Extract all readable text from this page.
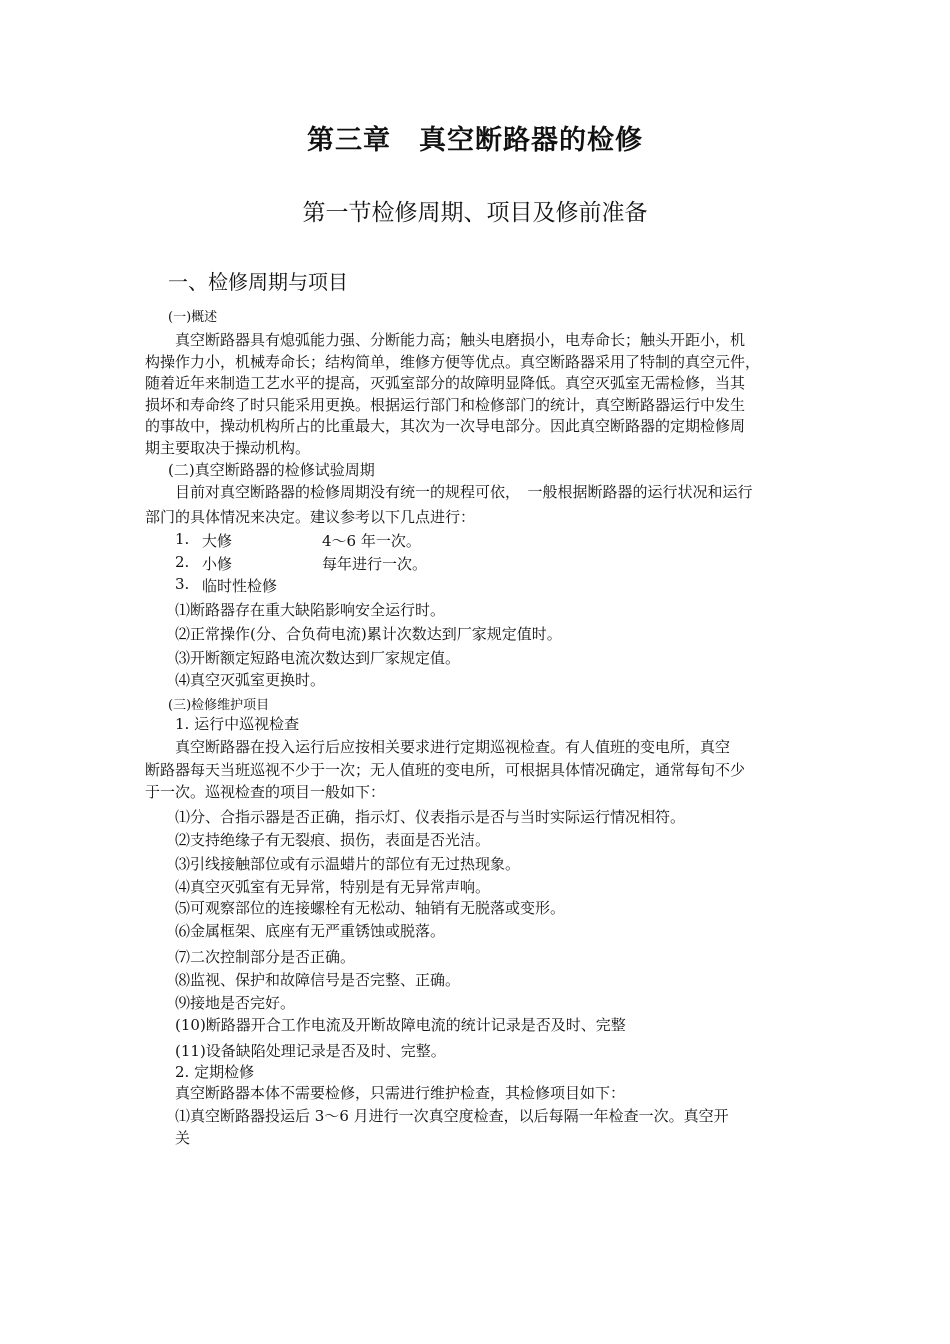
第三章　真空断路器的检修
第一节检修周期、项目及修前准备
一、检修周期与项目
(一)概述

真空断路器具有熄弧能力强、分断能力高；触头电磨损小，电寿命长；触头开距小，机

构操作力小，机械寿命长；结构简单，维修方便等优点。真空断路器采用了特制的真空元件，

随着近年来制造工艺水平的提高，灭弧室部分的故障明显降低。真空灭弧室无需检修，当其

损坏和寿命终了时只能采用更换。根据运行部门和检修部门的统计，真空断路器运行中发生

的事故中，操动机构所占的比重最大，其次为一次导电部分。因此真空断路器的定期检修周

期主要取决于操动机构。

(二)真空断路器的检修试验周期
目前对真空断路器的检修周期没有统一的规程可依，　一般根据断路器的运行状况和运行
部门的具体情况来决定。建议参考以下几点进行：
1. 大修	4～6 年一次。
2. 小修	每年进行一次。
3. 临时性检修
⑴断路器存在重大缺陷影响安全运行时。
⑵正常操作(分、合负荷电流)累计次数达到厂家规定值时。
⑶开断额定短路电流次数达到厂家规定值。
⑷真空灭弧室更换时。
(三)检修维护项目
1. 运行中巡视检查

真空断路器在投入运行后应按相关要求进行定期巡视检查。有人值班的变电所，真空

断路器每天当班巡视不少于一次；无人值班的变电所，可根据具体情况确定，通常每旬不少

于一次。巡视检查的项目一般如下：

⑴分、合指示器是否正确，指示灯、仪表指示是否与当时实际运行情况相符。
⑵支持绝缘子有无裂痕、损伤，表面是否光洁。
⑶引线接触部位或有示温蜡片的部位有无过热现象。
⑷真空灭弧室有无异常，特别是有无异常声响。
⑸可观察部位的连接螺栓有无松动、轴销有无脱落或变形。
⑹金属框架、底座有无严重锈蚀或脱落。
⑺二次控制部分是否正确。
⑻监视、保护和故障信号是否完整、正确。
⑼接地是否完好。
(10)断路器开合工作电流及开断故障电流的统计记录是否及时、完整
(11)设备缺陷处理记录是否及时、完整。
2. 定期检修
真空断路器本体不需要检修，只需进行维护检查，其检修项目如下：
⑴真空断路器投运后 3～6 月进行一次真空度检查，以后每隔一年检查一次。真空开
关
